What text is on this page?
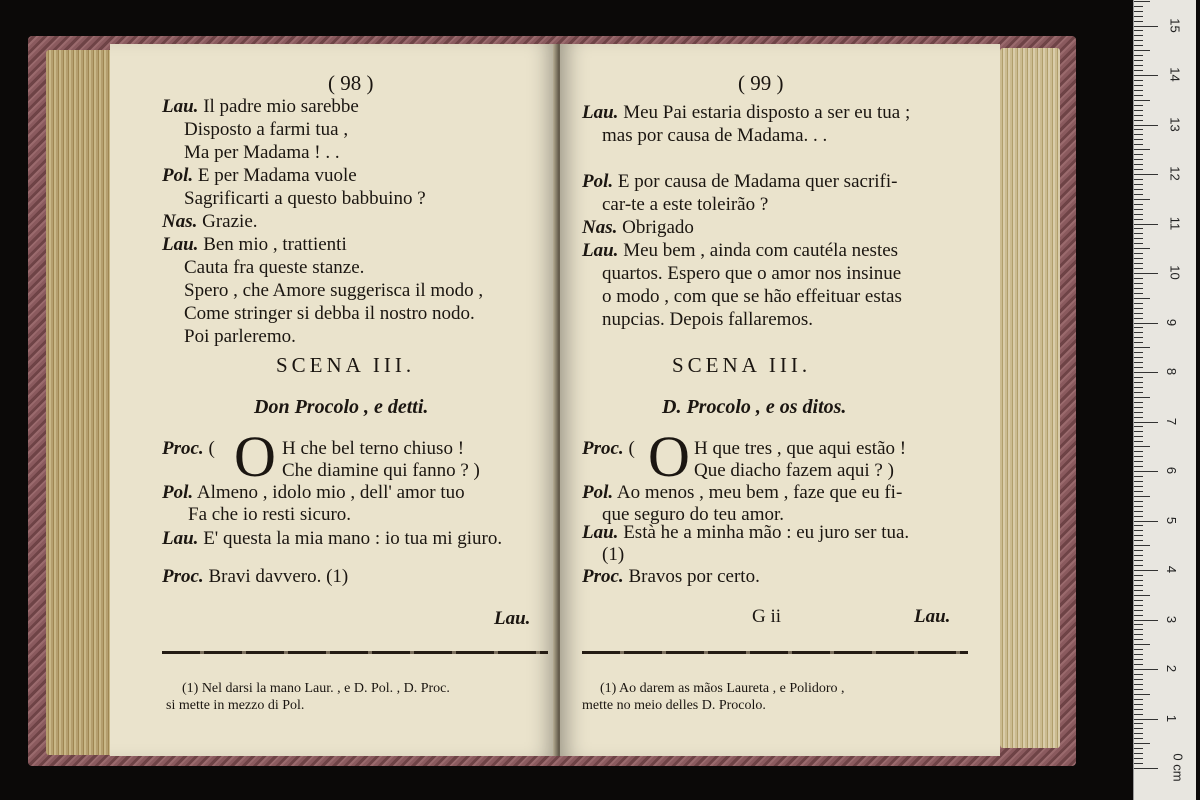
( 98 )
Lau. Il padre mio sarebbe
Disposto a farmi tua ,
Ma per Madama ! . .
Pol. E per Madama vuole
Sagrificarti a questo babbuino ?
Nas. Grazie.
Lau. Ben mio , trattienti
Cauta fra queste stanze.
Spero , che Amore suggerisca il modo ,
Come stringer si debba il nostro nodo.
Poi parleremo.
SCENA III.
Don Procolo , e detti.
Proc. ( O H che bel terno chiuso !
Che diamine qui fanno ? )
Pol. Almeno , idolo mio , dell' amor tuo
Fa che io resti sicuro.
Lau. E' questa la mia mano : io tua mi giuro.
Proc. Bravi davvero. (1)
Lau.
(1) Nel darsi la mano Laur. , e D. Pol. , D. Proc.
si mette in mezzo di Pol.
( 99 )
Lau. Meu Pai estaria disposto a ser eu tua ;
mas por causa de Madama. . .
Pol. E por causa de Madama quer sacrifi-
car-te a este toleirão ?
Nas. Obrigado
Lau. Meu bem , ainda com cautéla nestes
quartos. Espero que o amor nos insinue
o modo , com que se hão effeituar estas
nupcias. Depois fallaremos.
SCENA III.
D. Procolo , e os ditos.
Proc. ( O H que tres , que aqui estão !
Que diacho fazem aqui ? )
Pol. Ao menos , meu bem , faze que eu fi-
que seguro do teu amor.
Lau. Està he a minha mão : eu juro ser tua.
(1)
Proc. Bravos por certo.
G ii	Lau.
(1) Ao darem as mãos Laureta , e Polidoro ,
mette no meio delles D. Procolo.
0 cm
1
2
3
4
5
6
7
8
9
10
11
12
13
14
15
